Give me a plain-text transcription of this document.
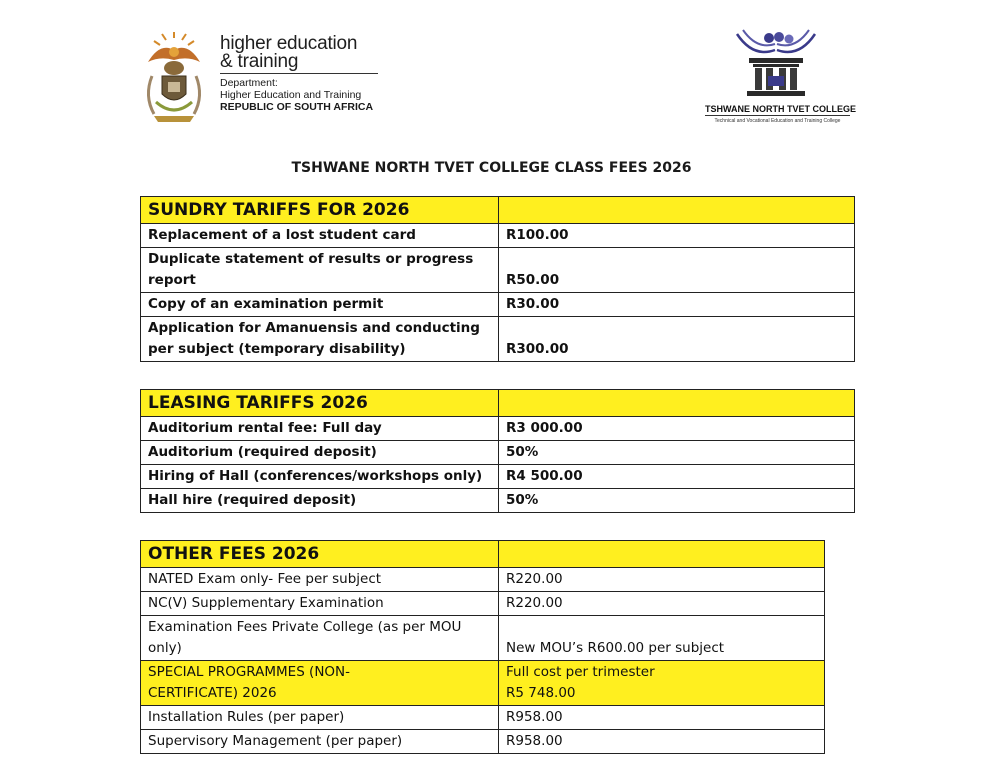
higher education
& training
Department:
Higher Education and Training
REPUBLIC OF SOUTH AFRICA	TSHWANE NORTH TVET COLLEGE
Technical and Vocational Education and Training College
TSHWANE NORTH TVET COLLEGE CLASS FEES 2026
SUNDRY TARIFFS FOR 2026	
Replacement of a lost student card	R100.00

Duplicate statement of results or progress
report	R50.00
Copy of an examination permit	R30.00

Application for Amanuensis and conducting
per subject (temporary disability)	R300.00
LEASING TARIFFS 2026	
Auditorium rental fee: Full day	R3 000.00
Auditorium (required deposit)	50%
Hiring of Hall (conferences/workshops only)	R4 500.00
Hall hire (required deposit)	50%
OTHER FEES 2026	
NATED Exam only- Fee per subject	R220.00
NC(V) Supplementary Examination	R220.00

Examination Fees Private College (as per MOU
only)	New MOU’s R600.00 per subject

SPECIAL PROGRAMMES (NON-
CERTIFICATE) 2026	Full cost per trimester
R5 748.00

Installation Rules (per paper)	R958.00
Supervisory Management (per paper)	R958.00
